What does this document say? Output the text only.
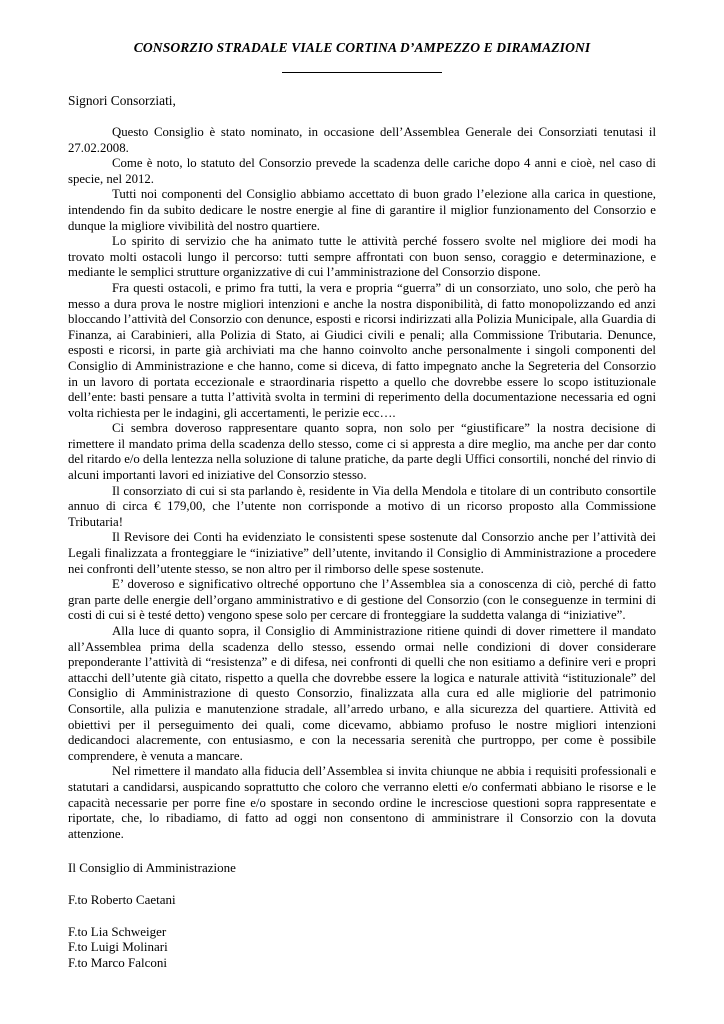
CONSORZIO STRADALE VIALE CORTINA D’AMPEZZO E DIRAMAZIONI

Signori Consorziati,

Questo Consiglio è stato nominato, in occasione dell’Assemblea Generale dei Consorziati tenutasi il 27.02.2008.

Come è noto, lo statuto del Consorzio prevede la scadenza delle cariche dopo 4 anni e cioè, nel caso di specie, nel 2012.

Tutti noi componenti del Consiglio abbiamo accettato di buon grado l’elezione alla carica in questione, intendendo fin da subito dedicare le nostre energie al fine di garantire il miglior funzionamento del Consorzio e dunque la migliore vivibilità del nostro quartiere.

Lo spirito di servizio che ha animato tutte le attività perché fossero svolte nel migliore dei modi ha trovato molti ostacoli lungo il percorso: tutti sempre affrontati con buon senso, coraggio e determinazione, e mediante le semplici strutture organizzative di cui l’amministrazione del Consorzio dispone.

Fra questi ostacoli, e primo fra tutti, la vera e propria “guerra” di un consorziato, uno solo, che però ha messo a dura prova le nostre migliori intenzioni e anche la nostra disponibilità, di fatto monopolizzando ed anzi bloccando l’attività del Consorzio con denunce, esposti e ricorsi indirizzati alla Polizia Municipale, alla Guardia di Finanza, ai Carabinieri, alla Polizia di Stato, ai Giudici civili e penali; alla Commissione Tributaria. Denunce, esposti e ricorsi, in parte già archiviati ma che hanno coinvolto anche personalmente i singoli componenti del Consiglio di Amministrazione e che hanno, come si diceva, di fatto impegnato anche la Segreteria del Consorzio in un lavoro di portata eccezionale e straordinaria rispetto a quello che dovrebbe essere lo scopo istituzionale dell’ente: basti pensare a tutta l’attività svolta in termini di reperimento della documentazione necessaria ed ogni volta richiesta per le indagini, gli accertamenti, le perizie ecc….

Ci sembra doveroso rappresentare quanto sopra, non solo per “giustificare” la nostra decisione di rimettere il mandato prima della scadenza dello stesso, come ci si appresta a dire meglio, ma anche per dar conto del ritardo e/o della lentezza nella soluzione di talune pratiche, da parte degli Uffici consortili, nonché del rinvio di alcuni importanti lavori ed iniziative del Consorzio stesso.

Il consorziato di cui si sta parlando è, residente in Via della Mendola e titolare di un contributo consortile annuo di circa € 179,00, che l’utente non corrisponde a motivo di un ricorso proposto alla Commissione Tributaria!

Il Revisore dei Conti ha evidenziato le consistenti spese sostenute dal Consorzio anche per l’attività dei Legali finalizzata a fronteggiare le “iniziative” dell’utente, invitando il Consiglio di Amministrazione a procedere nei confronti dell’utente stesso, se non altro per il rimborso delle spese sostenute.

E’ doveroso e significativo oltreché opportuno che l’Assemblea sia a conoscenza di ciò, perché di fatto gran parte delle energie dell’organo amministrativo e di gestione del Consorzio (con le conseguenze in termini di costi di cui si è testé detto) vengono spese solo per cercare di fronteggiare la suddetta valanga di “iniziative”.

Alla luce di quanto sopra, il Consiglio di Amministrazione ritiene quindi di dover rimettere il mandato all’Assemblea prima della scadenza dello stesso, essendo ormai nelle condizioni di dover considerare preponderante l’attività di “resistenza” e di difesa, nei confronti di quelli che non esitiamo a definire veri e propri attacchi dell’utente già citato, rispetto a quella che dovrebbe essere la logica e naturale attività “istituzionale” del Consiglio di Amministrazione di questo Consorzio, finalizzata alla cura ed alle migliorie del patrimonio Consortile, alla pulizia e manutenzione stradale, all’arredo urbano, e alla sicurezza del quartiere. Attività ed obiettivi per il perseguimento dei quali, come dicevamo, abbiamo profuso le nostre migliori intenzioni dedicandoci alacremente, con entusiasmo, e con la necessaria serenità che purtroppo, per come è possibile comprendere, è venuta a mancare.

Nel rimettere il mandato alla fiducia dell’Assemblea si invita chiunque ne abbia i requisiti professionali e statutari a candidarsi, auspicando soprattutto che coloro che verranno eletti e/o confermati abbiano le risorse e le capacità necessarie per porre fine e/o spostare in secondo ordine le incresciose questioni sopra rappresentate e riportate, che, lo ribadiamo, di fatto ad oggi non consentono di amministrare il Consorzio con la dovuta attenzione.

Il Consiglio di Amministrazione

F.to Roberto Caetani

F.to Lia Schweiger

F.to Luigi Molinari

F.to Marco Falconi
